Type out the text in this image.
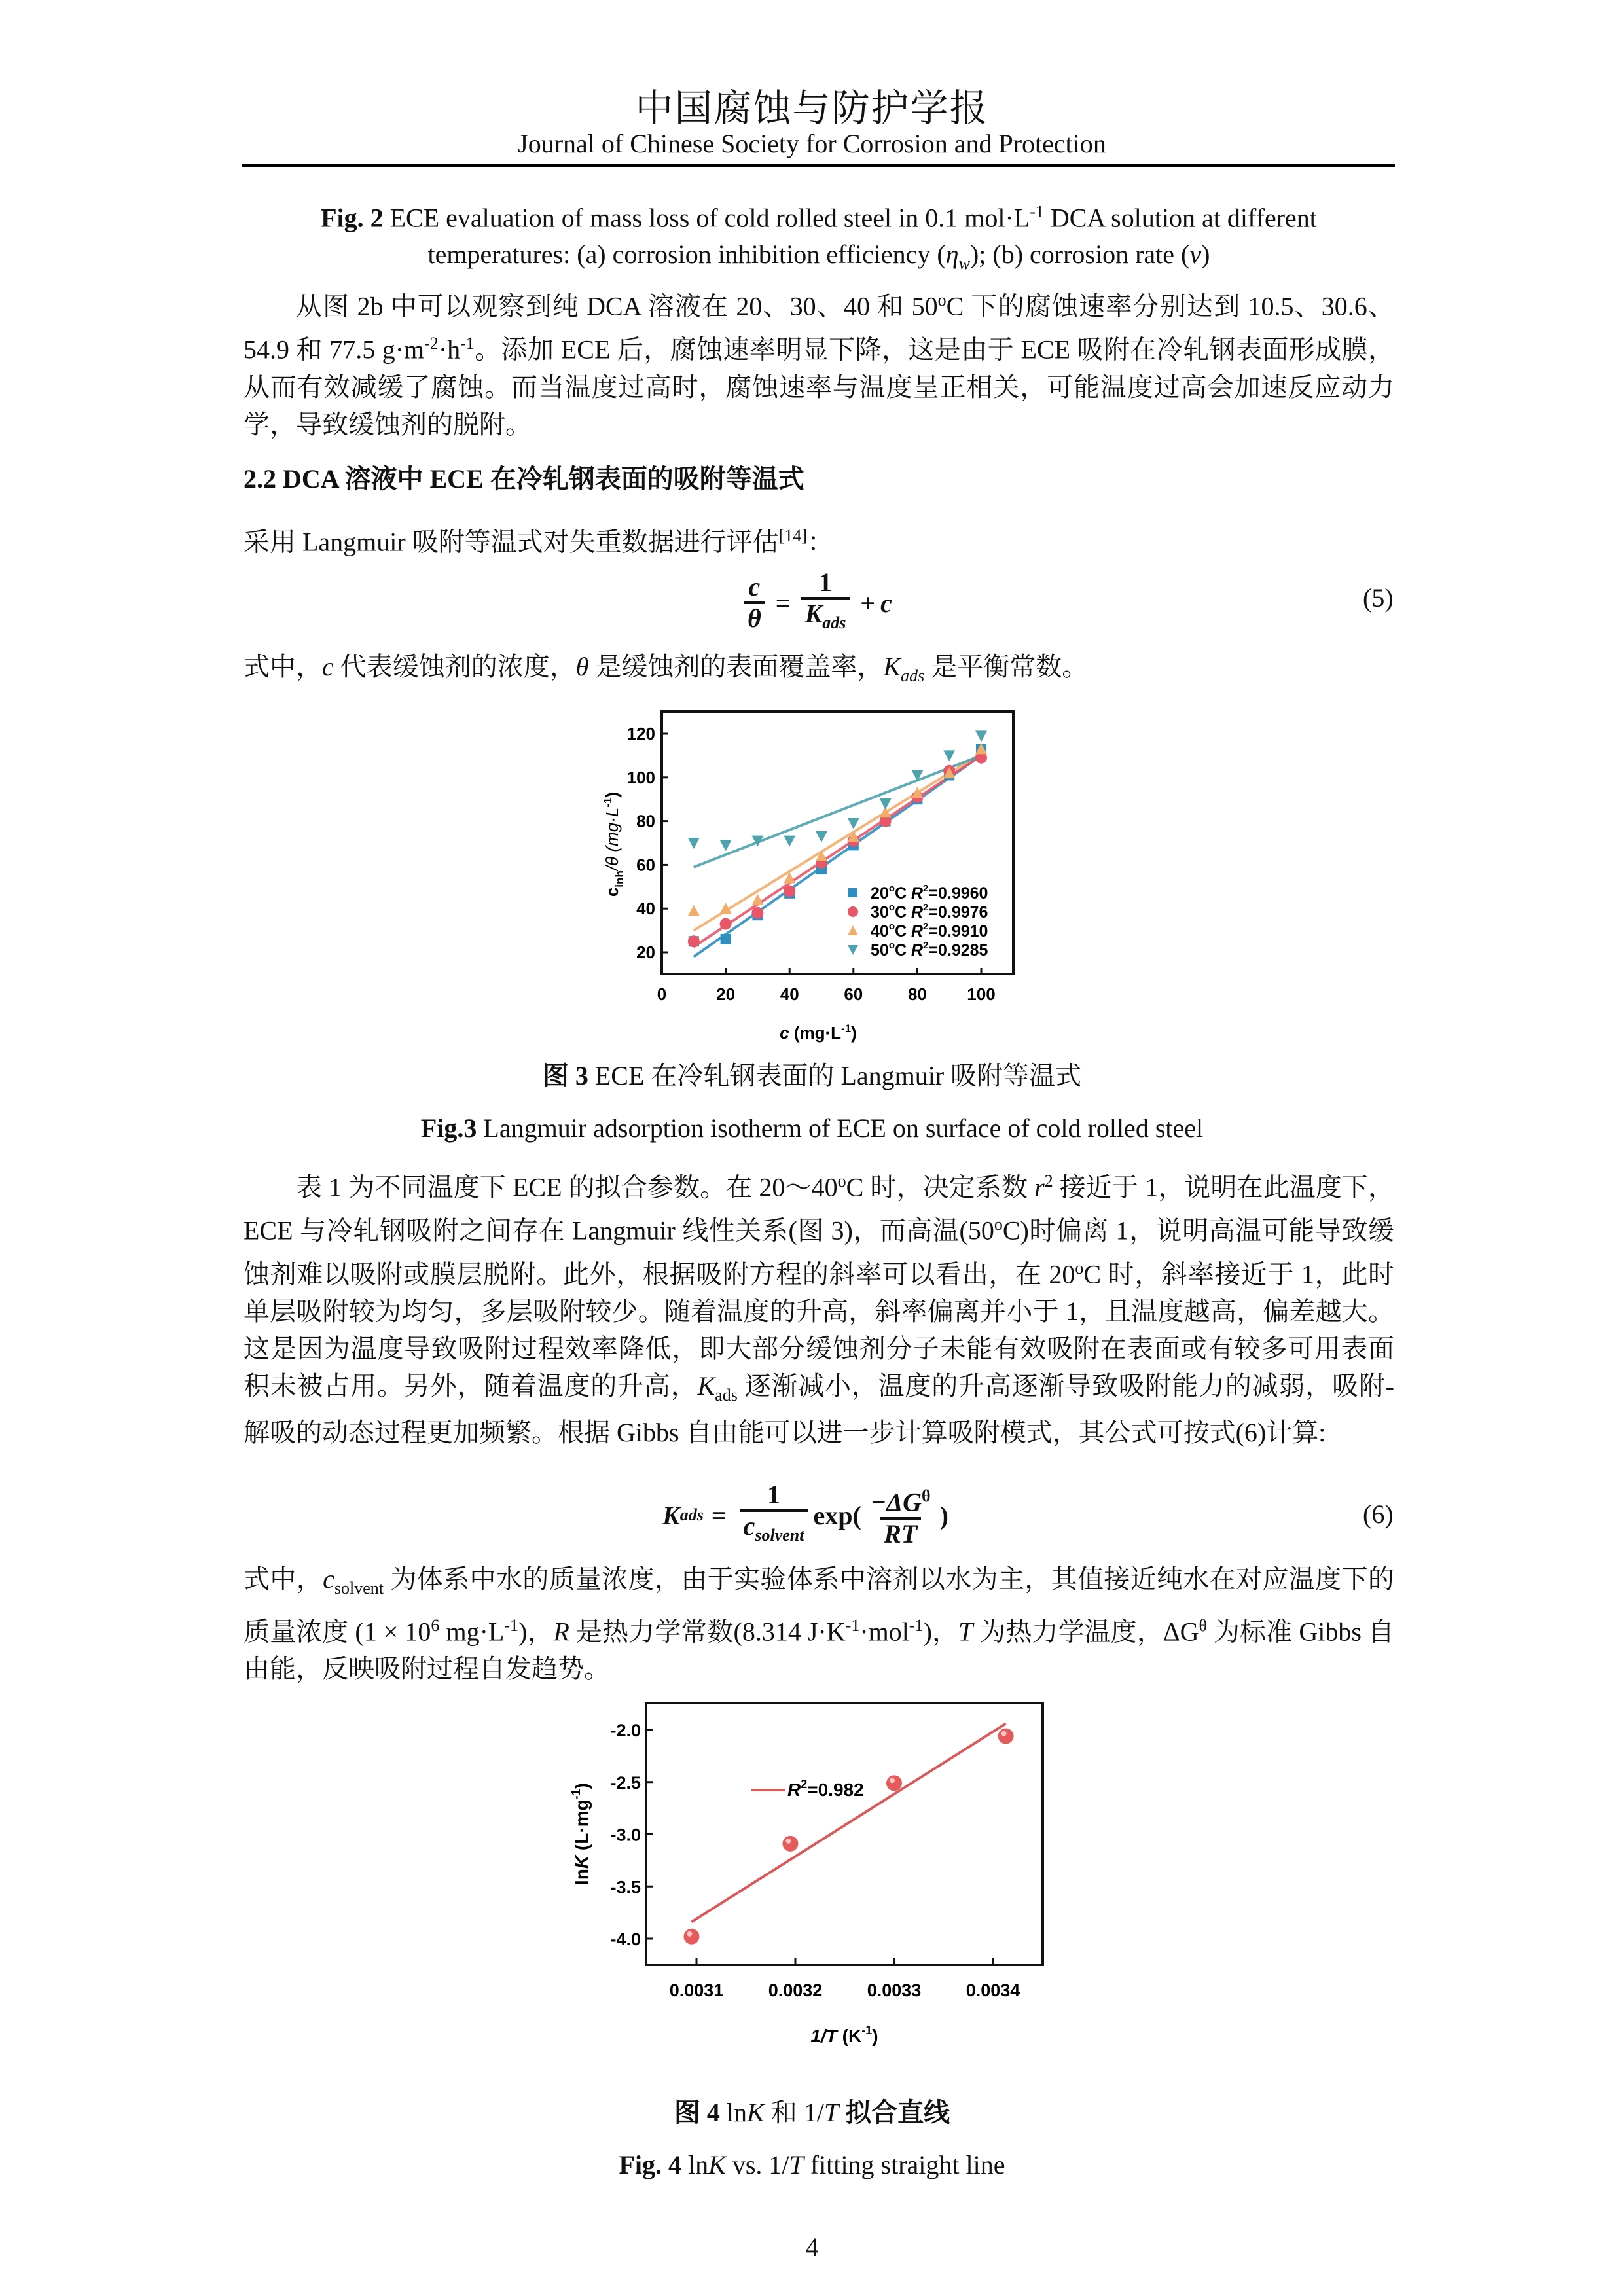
中国腐蚀与防护学报
Journal of Chinese Society for Corrosion and Protection
Fig. 2 ECE evaluation of mass loss of cold rolled steel in 0.1 $mol\cdot L^{-1}$ DCA solution at different
temperatures: (a) corrosion inhibition efficiency $(\eta_w)$; (b) corrosion rate (v)
从图 2b 中可以观察到纯 DCA 溶液在 20、30、40 和 50$^o$C 下的腐蚀速率分别达到 10.5、30.6、54.9 和 77.5 $g\cdot m^{-2}\cdot h^{-1}$。添加 ECE 后，腐蚀速率明显下降，这是由于 ECE 吸附在冷轧钢表面形成膜，从而有效减缓了腐蚀。而当温度过高时，腐蚀速率与温度呈正相关，可能温度过高会加速反应动力学，导致缓蚀剂的脱附。
2.2 DCA 溶液中 ECE 在冷轧钢表面的吸附等温式
采用 Langmuir 吸附等温式对失重数据进行评估[14]：
$\frac{c}{\theta} = \frac{1}{K_{ads}} + c$	(5)
式中，c 代表缓蚀剂的浓度，θ 是缓蚀剂的表面覆盖率，$K_{ads}$ 是平衡常数。
0	20	40	60	80 100
20
40
60
80
100
120
20$^o$C $R^2=0.9960$
30$^o$C $R^2=0.9976$
40$^o$C $R^2=0.9910$
50$^o$C $R^2=0.9285$
c $(mg\cdot L^{-1})$
$c_{inh}/\theta$ $(mg\cdot L^{-1})$
图 3 ECE 在冷轧钢表面的 Langmuir 吸附等温式
Fig.3 Langmuir adsorption isotherm of ECE on surface of cold rolled steel
表 1 为不同温度下 ECE 的拟合参数。在 20～40$^o$C 时，决定系数 $r^2$ 接近于 1，说明在此温度下，ECE 与冷轧钢吸附之间存在 Langmuir 线性关系(图 3)，而高温(50$^o$C)时偏离 1，说明高温可能导致缓蚀剂难以吸附或膜层脱附。此外，根据吸附方程的斜率可以看出，在 20$^o$C 时，斜率接近于 1，此时单层吸附较为均匀，多层吸附较少。随着温度的升高，斜率偏离并小于 1，且温度越高，偏差越大。这是因为温度导致吸附过程效率降低，即大部分缓蚀剂分子未能有效吸附在表面或有较多可用表面积未被占用。另外，随着温度的升高，$K_{ads}$ 逐渐减小，温度的升高逐渐导致吸附能力的减弱，吸附-解吸的动态过程更加频繁。根据 Gibbs 自由能可以进一步计算吸附模式，其公式可按式(6)计算:
K ads = $\frac{1}{c_{solvent}} \exp( \frac{-\Delta G^\theta}{RT}$ )	(6)
式中，$c_{solvent}$ 为体系中水的质量浓度，由于实验体系中溶剂以水为主，其值接近纯水在对应温度下的质量浓度 ($1 \times 10^6$ $mg\cdot L^{-1}$)，R 是热力学常数(8.314 $J\cdot K^{-1}\cdot mol^{-1}$)，T 为热力学温度，$\Delta G^\theta$ 为标准 Gibbs 自由能，反映吸附过程自发趋势。
0.0031	0.0032	0.0033	0.0034
-2.0
-2.5
-3.0
-3.5
-4.0
$R^2=0.982$
1/T $(K^{-1})$
lnK $(L\cdot mg^{-1})$
图 4 lnK 和 1/T 拟合直线
Fig. 4 lnK vs. 1/T fitting straight line
4
